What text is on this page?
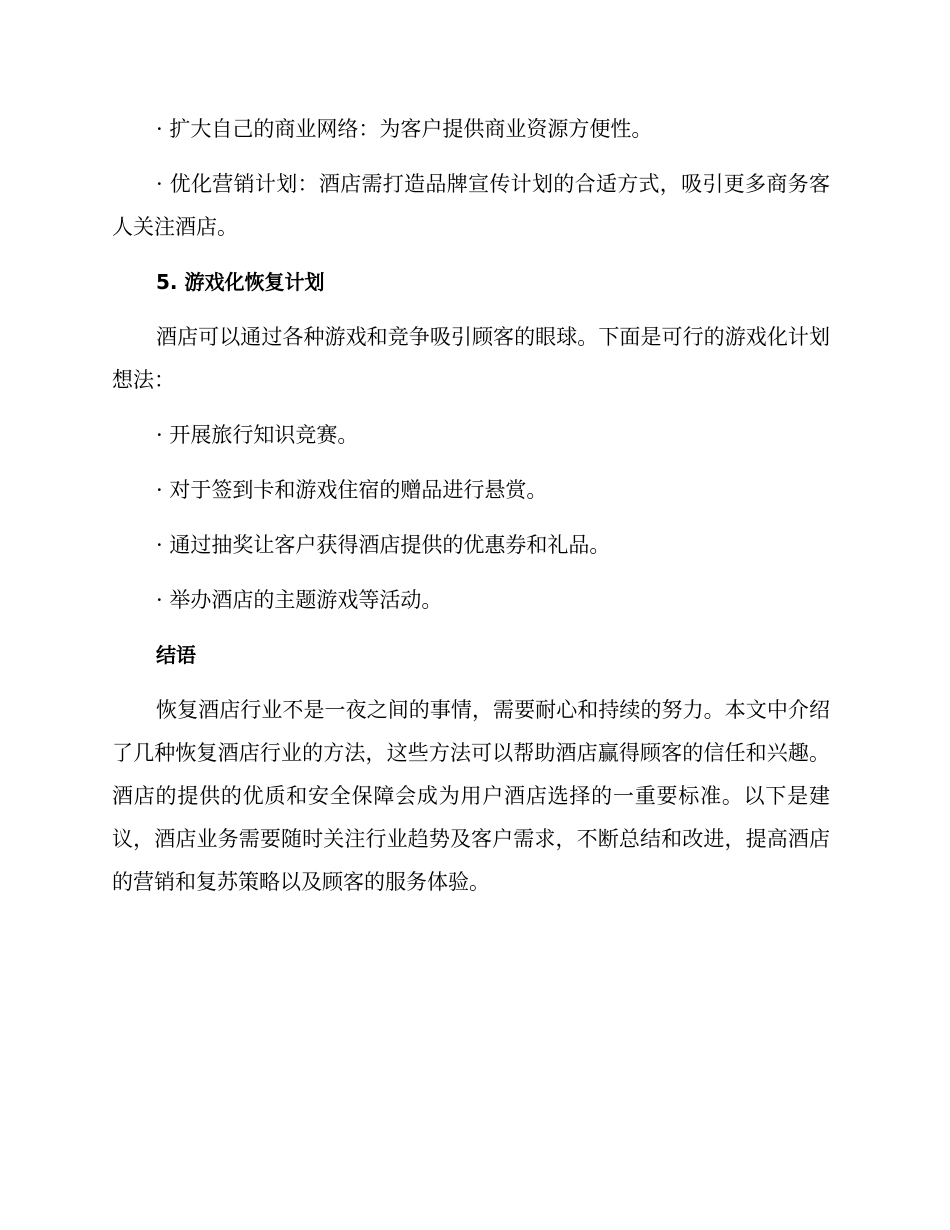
· 扩大自己的商业网络：为客户提供商业资源方便性。

· 优化营销计划：酒店需打造品牌宣传计划的合适方式，吸引更多商务客人关注酒店。

5. 游戏化恢复计划

酒店可以通过各种游戏和竞争吸引顾客的眼球。下面是可行的游戏化计划想法：

· 开展旅行知识竞赛。

· 对于签到卡和游戏住宿的赠品进行悬赏。

· 通过抽奖让客户获得酒店提供的优惠券和礼品。

· 举办酒店的主题游戏等活动。

结语

恢复酒店行业不是一夜之间的事情，需要耐心和持续的努力。本文中介绍了几种恢复酒店行业的方法，这些方法可以帮助酒店赢得顾客的信任和兴趣。酒店的提供的优质和安全保障会成为用户酒店选择的一重要标准。以下是建议，酒店业务需要随时关注行业趋势及客户需求，不断总结和改进，提高酒店的营销和复苏策略以及顾客的服务体验。
